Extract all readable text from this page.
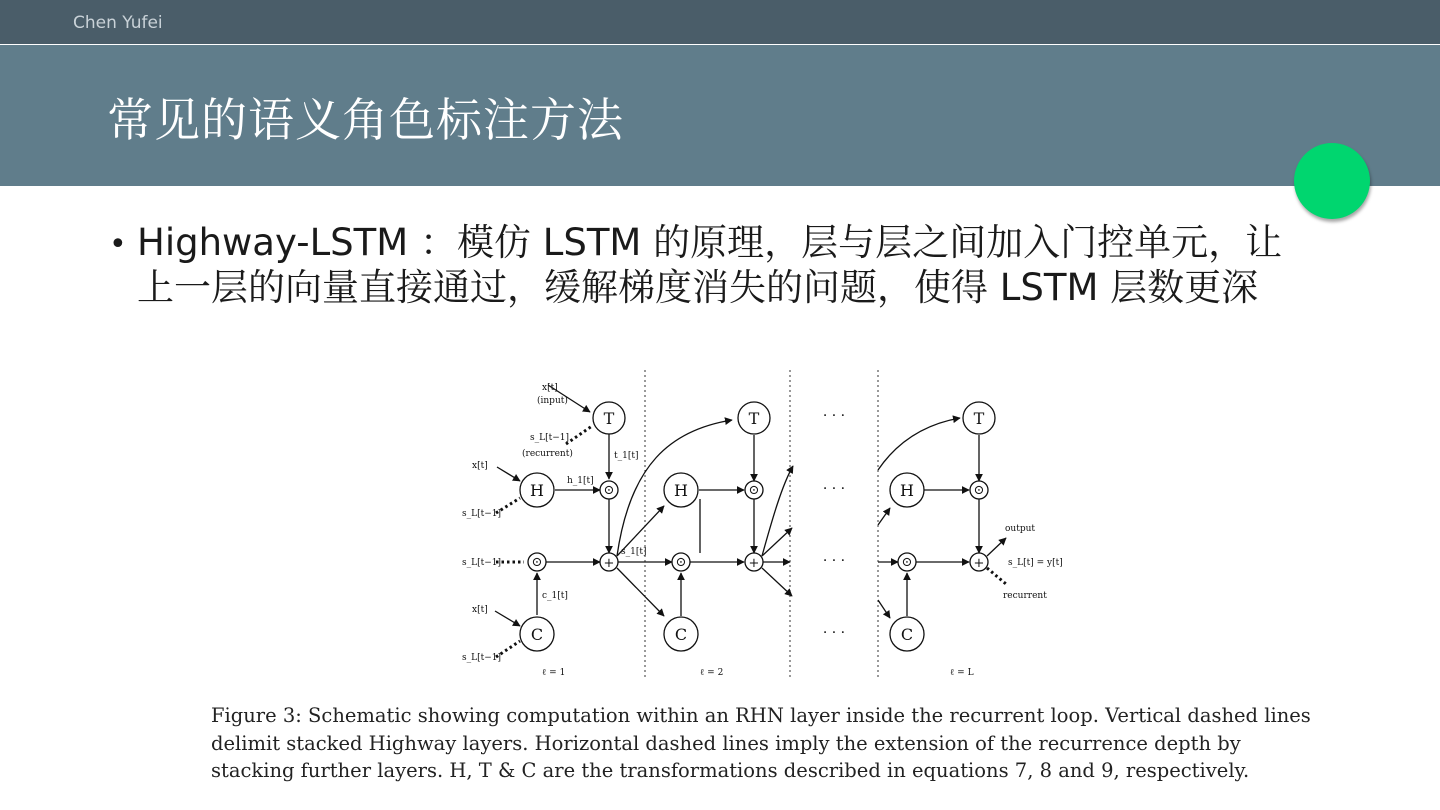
Chen Yufei
常见的语义角色标注方法
• Highway-LSTM ：模仿 LSTM 的原理，层与层之间加入门控单元，让上一层的向量直接通过，缓解梯度消失的问题，使得 LSTM 层数更深
⊙
⊙	+
⊙
⊙	+
⊙
⊙	+
T
H
C
T
H
C
T
H
C
· · ·
· · ·
· · ·
· · ·
x[t]
(input)
s_L[t−1]
(recurrent)	t_1[t]
x[t]
h_1[t]
s_L[t−1]
s_L[t−1]
s_1[t]
c_1[t]
x[t]
s_L[t−1]
output
s_L[t] = y[t]
recurrent
ℓ = 1	ℓ = 2	ℓ = L
Figure 3: Schematic showing computation within an RHN layer inside the recurrent loop. Vertical dashed lines delimit stacked Highway layers. Horizontal dashed lines imply the extension of the recurrence depth by stacking further layers. H, T & C are the transformations described in equations 7, 8 and 9, respectively.
